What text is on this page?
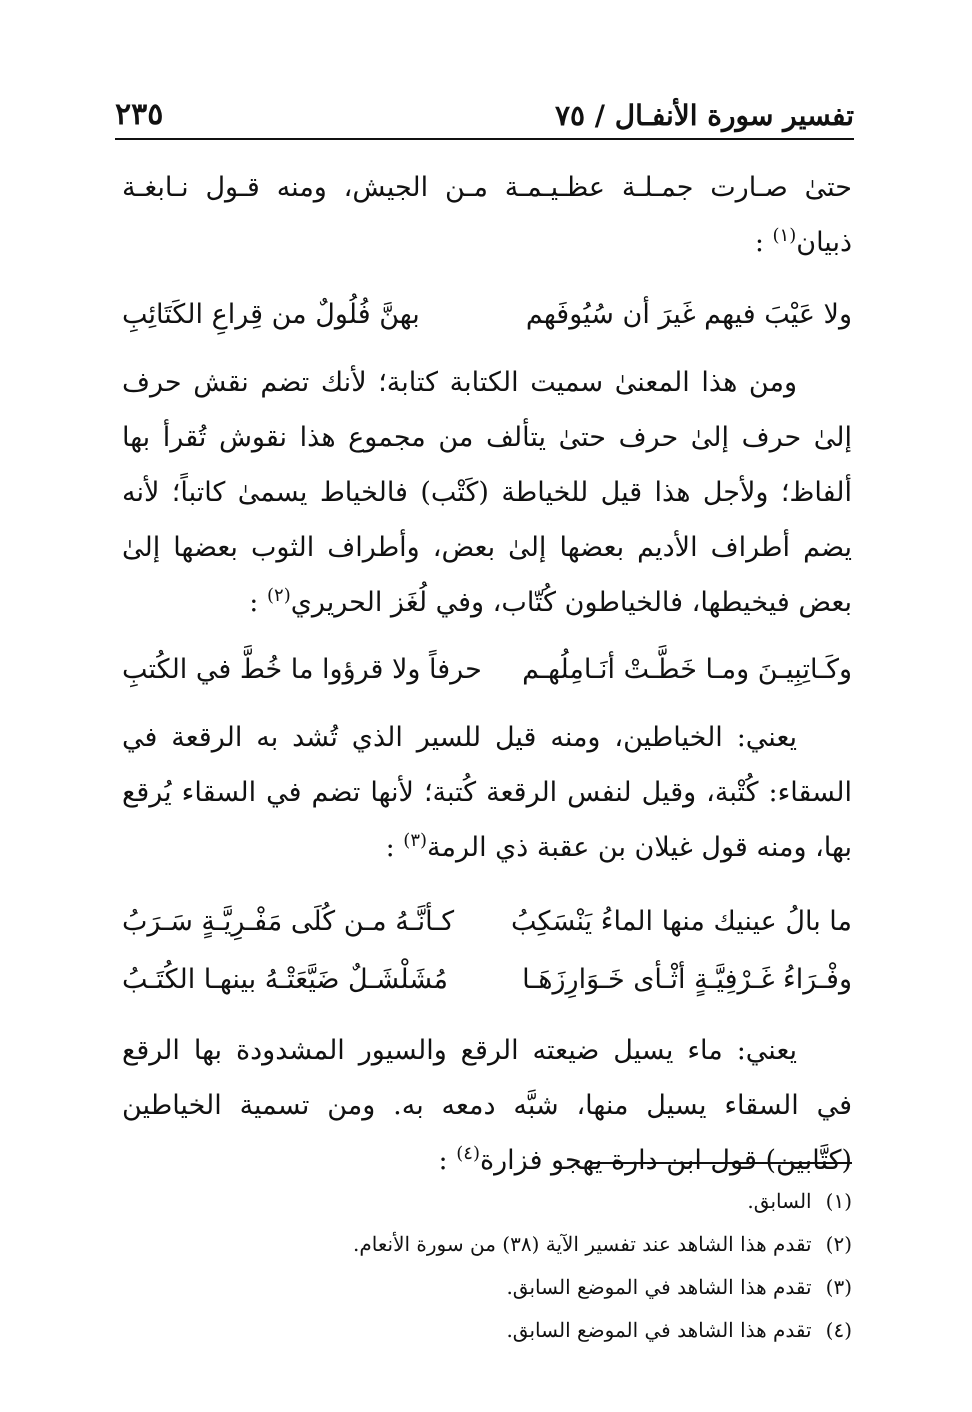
تفسير سورة الأنفـال / ٧٥
٢٣٥

حتىٰ صـارت جمـلـة عظـيـمـة مـن الجيش، ومنه قـول نـابغـة ذبيان$^{(١)}$ :

ولا عَيْبَ فيهم غَيرَ أن سُيُوفَهم
بهنَّ فُلُولٌ من قِراعِ الكَتَائِبِ

ومن هذا المعنىٰ سميت الكتابة كتابة؛ لأنك تضم نقش حرف إلىٰ حرف إلىٰ حرف حتىٰ يتألف من مجموع هذا نقوش تُقرأ بها ألفاظ؛ ولأجل هذا قيل للخياطة (كَتْب) فالخياط يسمىٰ كاتباً؛ لأنه يضم أطراف الأديم بعضها إلىٰ بعض، وأطراف الثوب بعضها إلىٰ بعض فيخيطها، فالخياطون كُتّاب، وفي لُغَز الحريري$^{(٢)}$ :

وكَـاتِبِيـنَ ومـا خَطَّـتْ أنَـامِلُهـم
حرفاً ولا قرؤوا ما خُطَّ في الكُتبِ

يعني: الخياطين، ومنه قيل للسير الذي تُشد به الرقعة في السقاء: كُتْبة، وقيل لنفس الرقعة كُتبة؛ لأنها تضم في السقاء يُرقع بها، ومنه قول غيلان بن عقبة ذي الرمة$^{(٣)}$ :

ما بالُ عينيك منها الماءُ يَنْسَكِبُ
كـأنَّـهُ مـن كُلَى مَفْـرِيَّـةٍ سَـرَبُ
وفْـرَاءُ غَـرْفِيَّـةٍ أثْـأى خَـوَارِزَهَـا
مُشَلْشَـلٌ ضَيَّعَتْـهُ بينهـا الكُتَـبُ

يعني: ماء يسيل ضيعته الرقع والسيور المشدودة بها الرقع في السقاء يسيل منها، شبَّه دمعه به. ومن تسمية الخياطين (كتَّابين) قول ابن دارة يهجو فزارة$^{(٤)}$ :

(١)
السابق.
(٢)
تقدم هذا الشاهد عند تفسير الآية (٣٨) من سورة الأنعام.
(٣)
تقدم هذا الشاهد في الموضع السابق.
(٤)
تقدم هذا الشاهد في الموضع السابق.
